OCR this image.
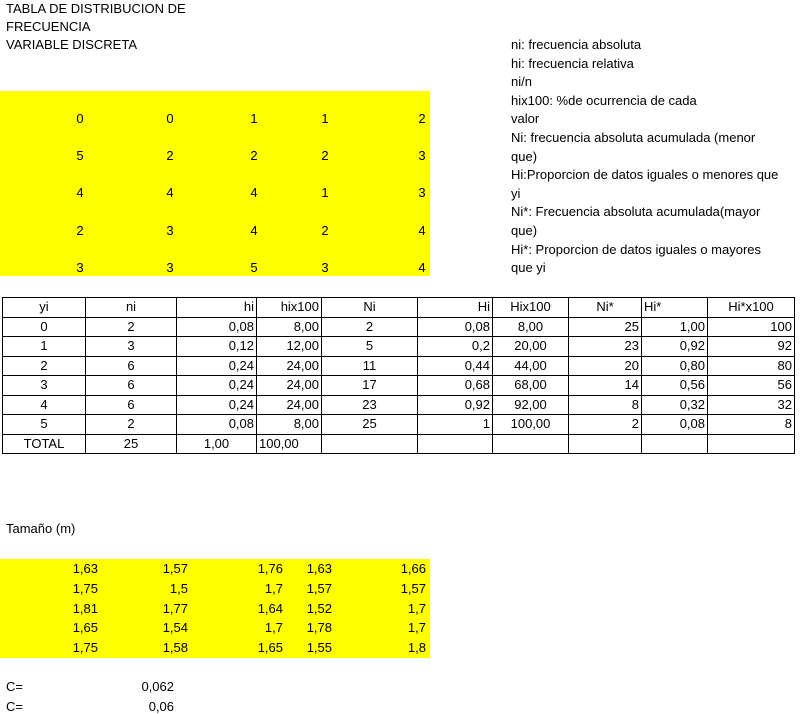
TABLA DE DISTRIBUCION DE
FRECUENCIA
VARIABLE DISCRETA	ni: frecuencia absoluta
hi: frecuencia relativa
ni/n
hix100: %de ocurrencia de cada
valor
Ni: frecuencia absoluta acumulada (menor
que)
Hi:Proporcion de datos iguales o menores que
yi
Ni*: Frecuencia absoluta acumulada(mayor
que)
Hi*: Proporcion de datos iguales o mayores
que yi
0	0	1	1	2
5	2	2	2	3
4	4	4	1	3
2	3	4	2	4
3	3	5	3	4
yi	ni	hi	hix100	Ni	Hi	Hix100	Ni*	Hi*	Hi*x100
0	2	0,08	8,00	2	0,08	8,00	25	1,00	100
1	3	0,12	12,00	5	0,2	20,00	23	0,92	92
2	6	0,24	24,00	11	0,44	44,00	20	0,80	80
3	6	0,24	24,00	17	0,68	68,00	14	0,56	56
4	6	0,24	24,00	23	0,92	92,00	8	0,32	32
5	2	0,08	8,00	25	1	100,00	2	0,08	8
TOTAL	25	1,00	100,00						
Tamaño (m)
1,63	1,57	1,76	1,63	1,66
1,75	1,5	1,7	1,57	1,57
1,81	1,77	1,64	1,52	1,7
1,65	1,54	1,7	1,78	1,7
1,75	1,58	1,65	1,55	1,8
C=	0,062
C=	0,06
